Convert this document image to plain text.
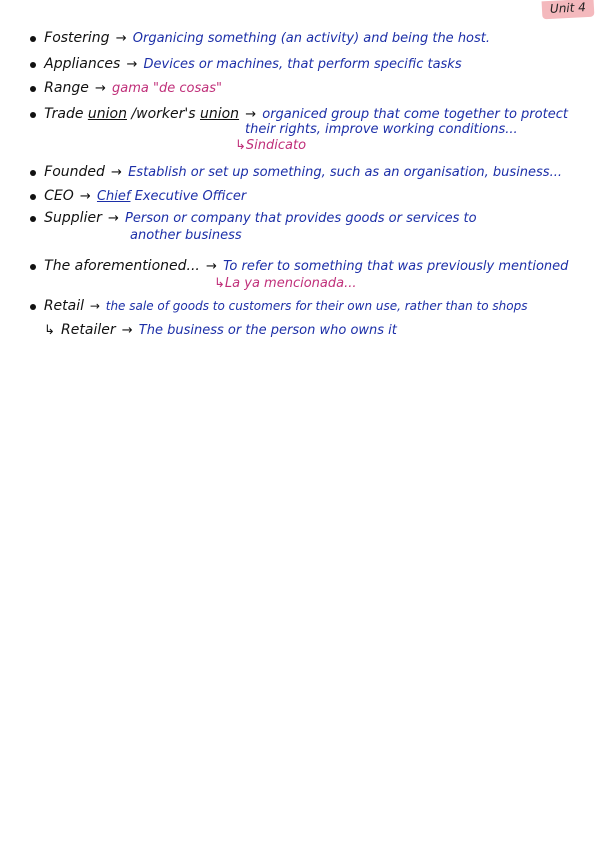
Unit 4
Fostering → Organicing something (an activity) and being the host.
Appliances → Devices or machines, that perform specific tasks
Range → gama "de cosas"
Trade union /worker's union → organiced group that come together to protect
their rights, improve working conditions...
↳Sindicato
Founded → Establish or set up something, such as an organisation, business...
CEO → Chief Executive Officer
Supplier → Person or company that provides goods or services to
another business
The aforementioned... → To refer to something that was previously mentioned
↳La ya mencionada...
Retail → the sale of goods to customers for their own use, rather than to shops
↳ Retailer → The business or the person who owns it
